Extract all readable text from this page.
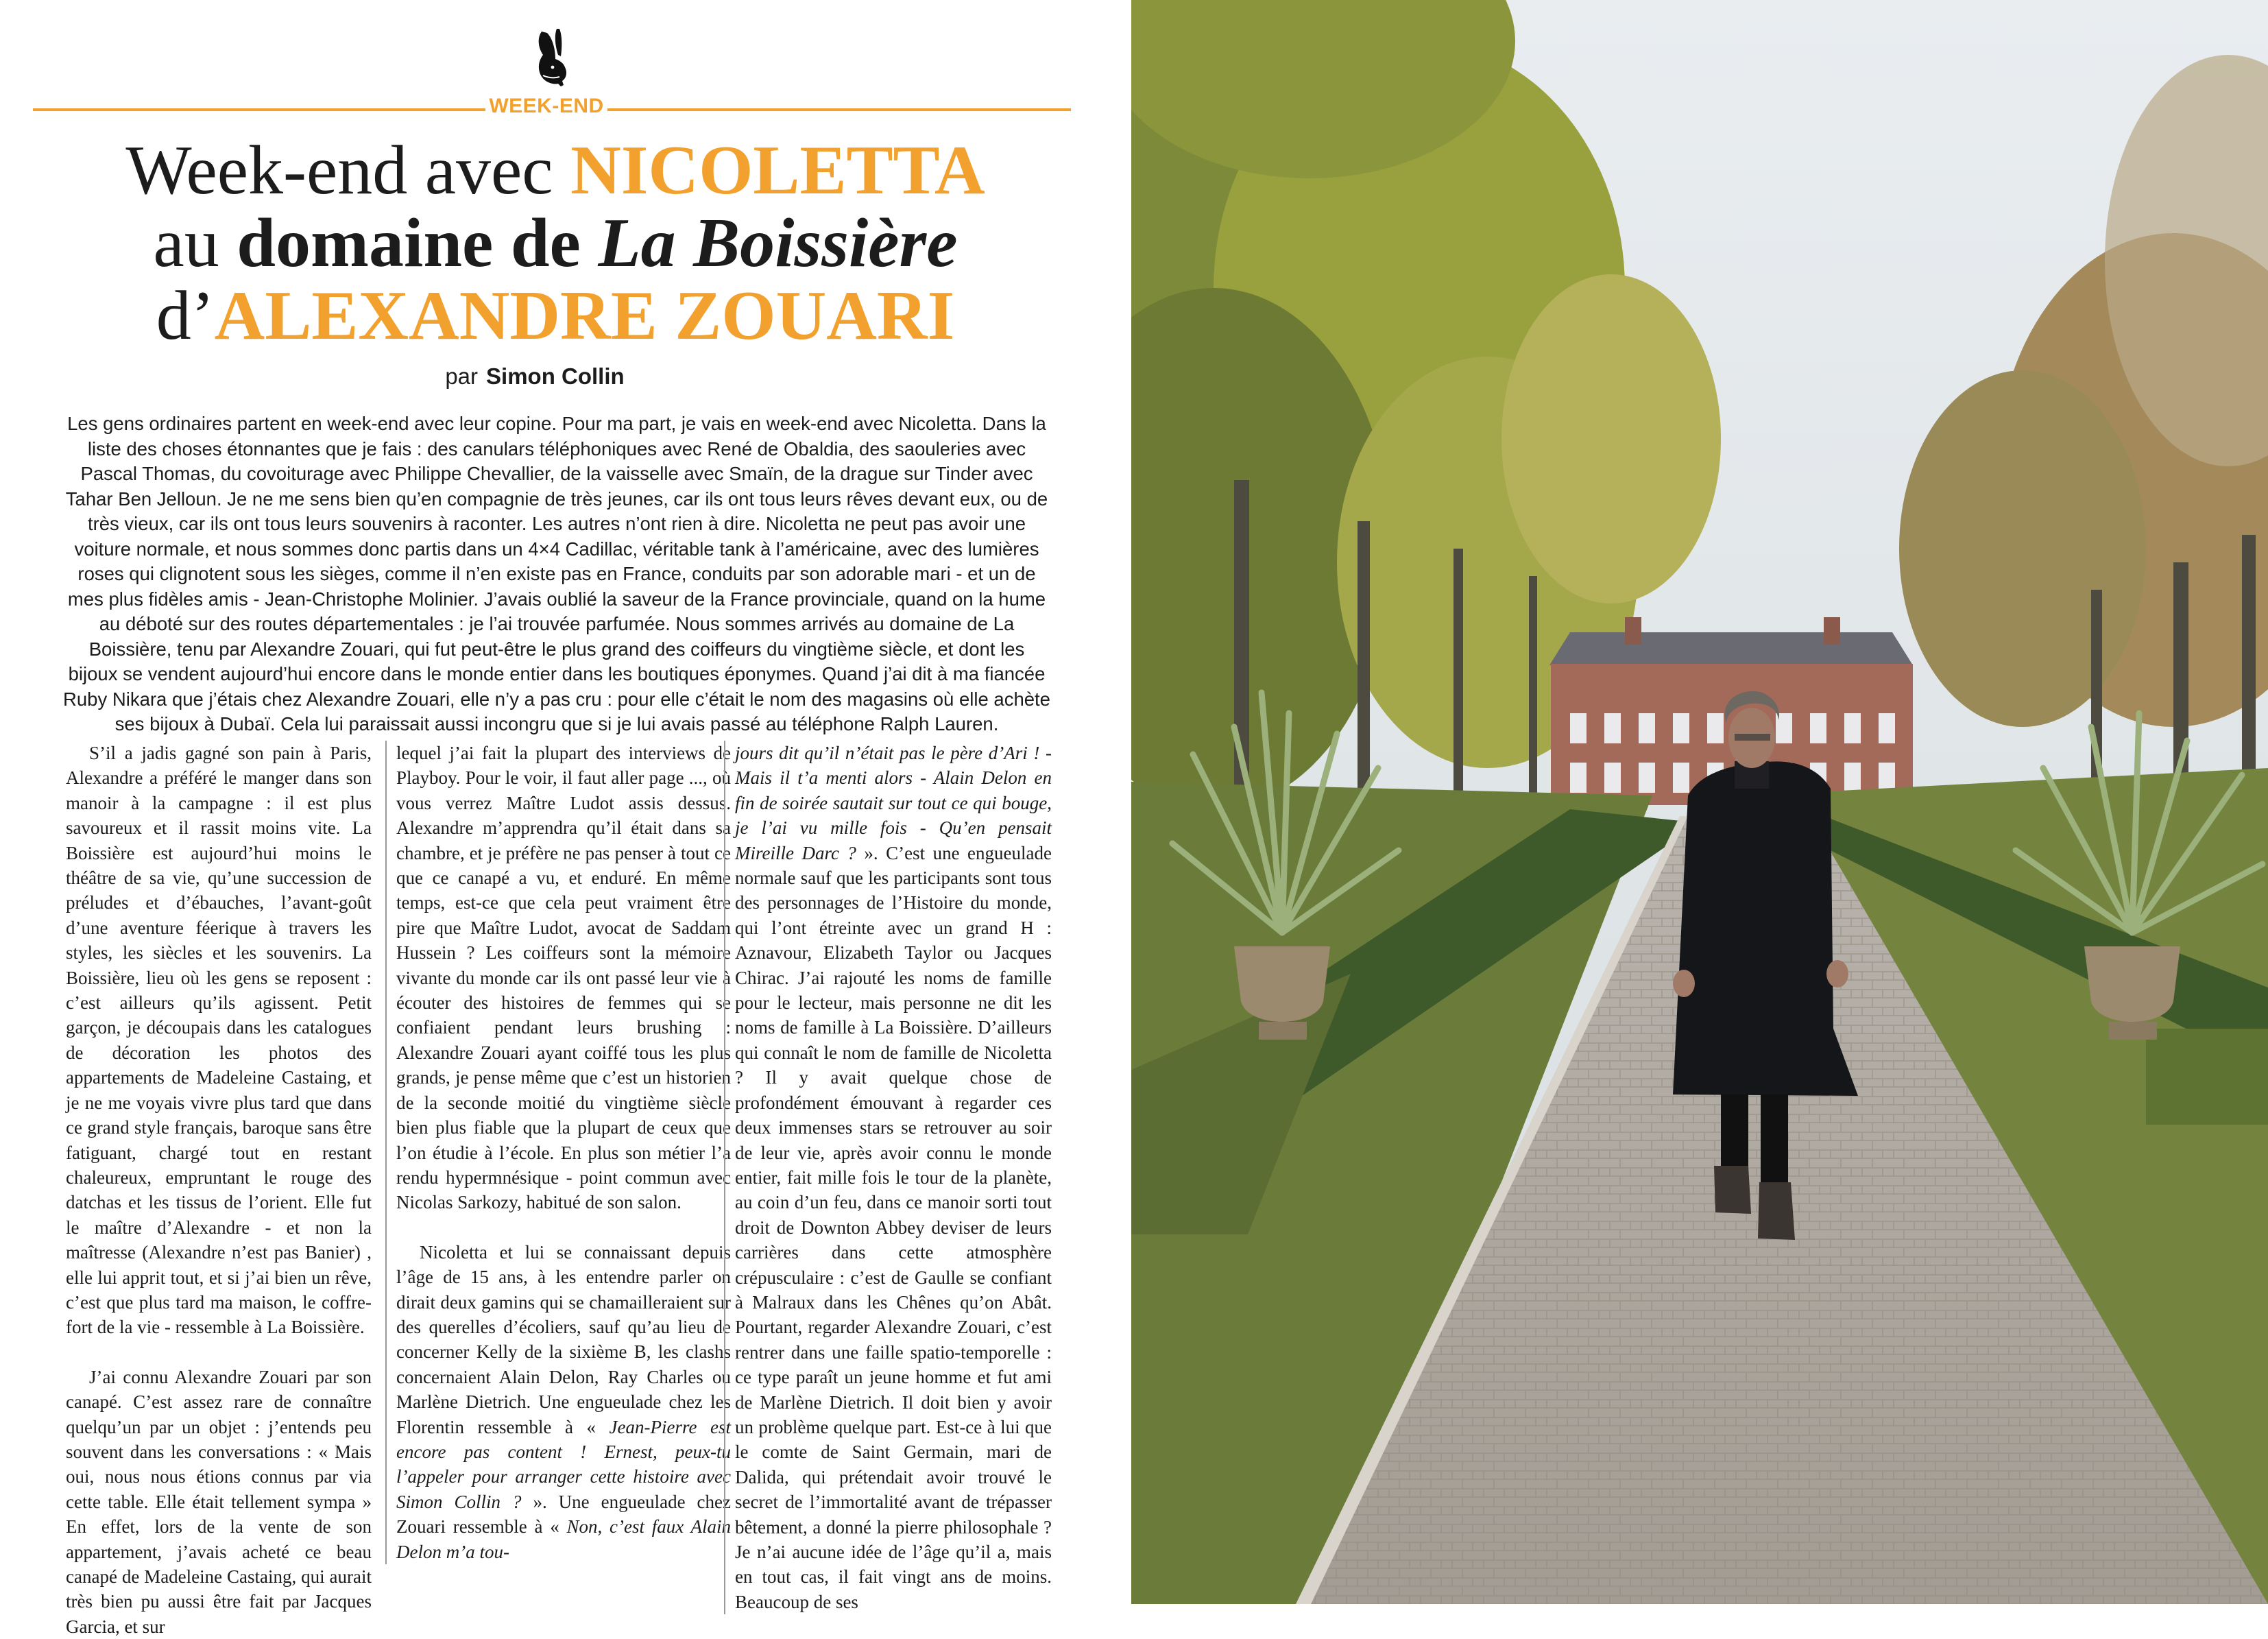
WEEK-END
Week-end avec NICOLETTA
au domaine de La Boissière
d’ALEXANDRE ZOUARI
par Simon Collin
Les gens ordinaires partent en week-end avec leur copine. Pour ma part, je vais en week-end avec Nicoletta. Dans la liste des choses étonnantes que je fais : des canulars téléphoniques avec René de Obaldia, des saouleries avec Pascal Thomas, du covoiturage avec Philippe Chevallier, de la vaisselle avec Smaïn, de la drague sur Tinder avec Tahar Ben Jelloun. Je ne me sens bien qu’en compagnie de très jeunes, car ils ont tous leurs rêves devant eux, ou de très vieux, car ils ont tous leurs souvenirs à raconter. Les autres n’ont rien à dire. Nicoletta ne peut pas avoir une voiture normale, et nous sommes donc partis dans un 4×4 Cadillac, véritable tank à l’américaine, avec des lumières roses qui clignotent sous les sièges, comme il n’en existe pas en France, conduits par son adorable mari - et un de mes plus fidèles amis - Jean-Christophe Molinier. J’avais oublié la saveur de la France provinciale, quand on la hume au déboté sur des routes départementales : je l’ai trouvée parfumée. Nous sommes arrivés au domaine de La Boissière, tenu par Alexandre Zouari, qui fut peut-être le plus grand des coiffeurs du vingtième siècle, et dont les bijoux se vendent aujourd’hui encore dans le monde entier dans les boutiques éponymes. Quand j’ai dit à ma fiancée Ruby Nikara que j’étais chez Alexandre Zouari, elle n’y a pas cru : pour elle c’était le nom des magasins où elle achète ses bijoux à Dubaï. Cela lui paraissait aussi incongru que si je lui avais passé au téléphone Ralph Lauren.

S’il a jadis gagné son pain à Paris, Alexandre a préféré le manger dans son manoir à la campagne : il est plus savoureux et il rassit moins vite. La Boissière est aujourd’hui moins le théâtre de sa vie, qu’une succession de préludes et d’ébauches, l’avant-goût d’une aventure féerique à travers les styles, les siècles et les souvenirs. La Boissière, lieu où les gens se reposent : c’est ailleurs qu’ils agissent. Petit garçon, je découpais dans les catalogues de décoration les photos des appartements de Madeleine Castaing, et je ne me voyais vivre plus tard que dans ce grand style français, baroque sans être fatiguant, chargé tout en restant chaleureux, empruntant le rouge des datchas et les tissus de l’orient. Elle fut le maître d’Alexandre - et non la maîtresse (Alexandre n’est pas Banier) , elle lui apprit tout, et si j’ai bien un rêve, c’est que plus tard ma maison, le coffre-fort de la vie - ressemble à La Boissière.

J’ai connu Alexandre Zouari par son canapé. C’est assez rare de connaître quelqu’un par un objet : j’entends peu souvent dans les conversations : « Mais oui, nous nous étions connus par via cette table. Elle était tellement sympa » En effet, lors de la vente de son appartement, j’avais acheté ce beau canapé de Madeleine Castaing, qui aurait très bien pu aussi être fait par Jacques Garcia, et sur

lequel j’ai fait la plupart des interviews de Playboy. Pour le voir, il faut aller page ..., où vous verrez Maître Ludot assis dessus. Alexandre m’apprendra qu’il était dans sa chambre, et je préfère ne pas penser à tout ce que ce canapé a vu, et enduré. En même temps, est-ce que cela peut vraiment être pire que Maître Ludot, avocat de Saddam Hussein ? Les coiffeurs sont la mémoire vivante du monde car ils ont passé leur vie à écouter des histoires de femmes qui se confiaient pendant leurs brushing : Alexandre Zouari ayant coiffé tous les plus grands, je pense même que c’est un historien de la seconde moitié du vingtième siècle bien plus fiable que la plupart de ceux que l’on étudie à l’école. En plus son métier l’a rendu hypermnésique - point commun avec Nicolas Sarkozy, habitué de son salon.

Nicoletta et lui se connaissant depuis l’âge de 15 ans, à les entendre parler on dirait deux gamins qui se chamailleraient sur des querelles d’écoliers, sauf qu’au lieu de concerner Kelly de la sixième B, les clashs concernaient Alain Delon, Ray Charles ou Marlène Dietrich. Une engueulade chez les Florentin ressemble à « Jean-Pierre est encore pas content ! Ernest, peux-tu l’appeler pour arranger cette histoire avec Simon Collin ? ». Une engueulade chez Zouari ressemble à « Non, c’est faux Alain Delon m’a tou-

jours dit qu’il n’était pas le père d’Ari ! - Mais il t’a menti alors - Alain Delon en fin de soirée sautait sur tout ce qui bouge, je l’ai vu mille fois - Qu’en pensait Mireille Darc ? ». C’est une engueulade normale sauf que les participants sont tous des personnages de l’Histoire du monde, qui l’ont étreinte avec un grand H : Aznavour, Elizabeth Taylor ou Jacques Chirac. J’ai rajouté les noms de famille pour le lecteur, mais personne ne dit les noms de famille à La Boissière. D’ailleurs qui connaît le nom de famille de Nicoletta ? Il y avait quelque chose de profondément émouvant à regarder ces deux immenses stars se retrouver au soir de leur vie, après avoir connu le monde entier, fait mille fois le tour de la planète, au coin d’un feu, dans ce manoir sorti tout droit de Downton Abbey deviser de leurs carrières dans cette atmosphère crépusculaire : c’est de Gaulle se confiant à Malraux dans les Chênes qu’on Abât. Pourtant, regarder Alexandre Zouari, c’est rentrer dans une faille spatio-temporelle : ce type paraît un jeune homme et fut ami de Marlène Dietrich. Il doit bien y avoir un problème quelque part. Est-ce à lui que le comte de Saint Germain, mari de Dalida, qui prétendait avoir trouvé le secret de l’immortalité avant de trépasser bêtement, a donné la pierre philosophale ? Je n’ai aucune idée de l’âge qu’il a, mais en tout cas, il fait vingt ans de moins. Beaucoup de ses
